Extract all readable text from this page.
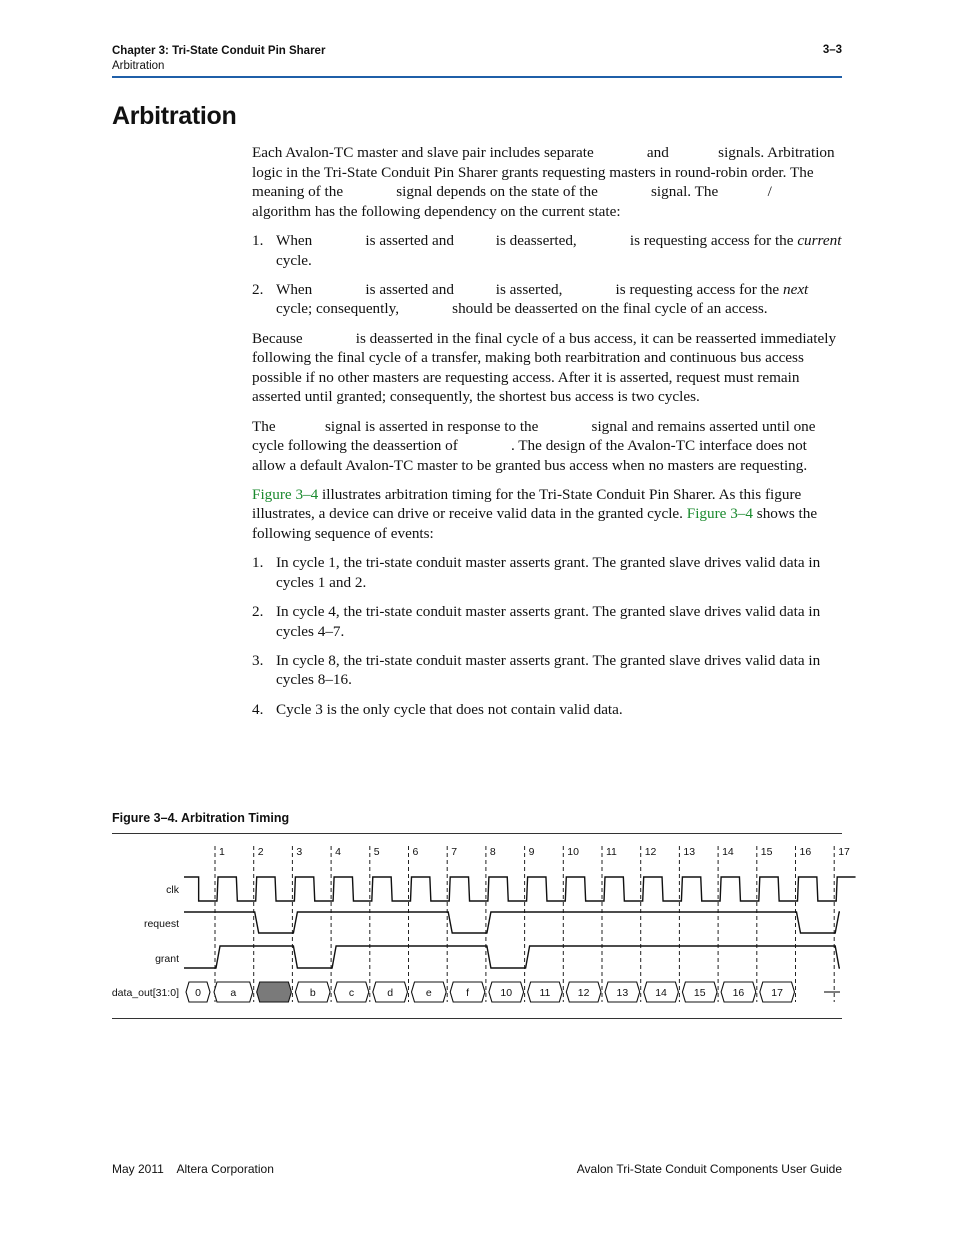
Chapter 3: Tri-State Conduit Pin Sharer
Arbitration
3–3
Arbitration

Each Avalon-TC master and slave pair includes separate              and             signals. Arbitration logic in the Tri-State Conduit Pin Sharer grants requesting masters in round-robin order. The meaning of the              signal depends on the state of the              signal. The             /            algorithm has the following dependency on the current state:

1. When              is asserted and           is deasserted,              is requesting access for the current cycle.
2. When              is asserted and           is asserted,              is requesting access for the next cycle; consequently,              should be deasserted on the final cycle of an access.

Because              is deasserted in the final cycle of a bus access, it can be reasserted immediately following the final cycle of a transfer, making both rearbitration and continuous bus access possible if no other masters are requesting access. After it is asserted, request must remain asserted until granted; consequently, the shortest bus access is two cycles.

The             signal is asserted in response to the              signal and remains asserted until one cycle following the deassertion of              . The design of the Avalon-TC interface does not allow a default Avalon-TC master to be granted bus access when no masters are requesting.

Figure 3–4 illustrates arbitration timing for the Tri-State Conduit Pin Sharer. As this figure illustrates, a device can drive or receive valid data in the granted cycle. Figure 3–4 shows the following sequence of events:

1. In cycle 1, the tri-state conduit master asserts grant. The granted slave drives valid data in cycles 1 and 2.
2. In cycle 4, the tri-state conduit master asserts grant. The granted slave drives valid data in cycles 4–7.
3. In cycle 8, the tri-state conduit master asserts grant. The granted slave drives valid data in cycles 8–16.
4. Cycle 3 is the only cycle that does not contain valid data.
Figure 3–4. Arbitration Timing
1	2	3	4	5	6	7	8	9	10	11	12	13	14	15	16	17
clk
request
grant
data_out[31:0] 0	a	b	c	d	e	f	10	11	12	13	14	15	16	17
May 2011    Altera Corporation	Avalon Tri-State Conduit Components User Guide
